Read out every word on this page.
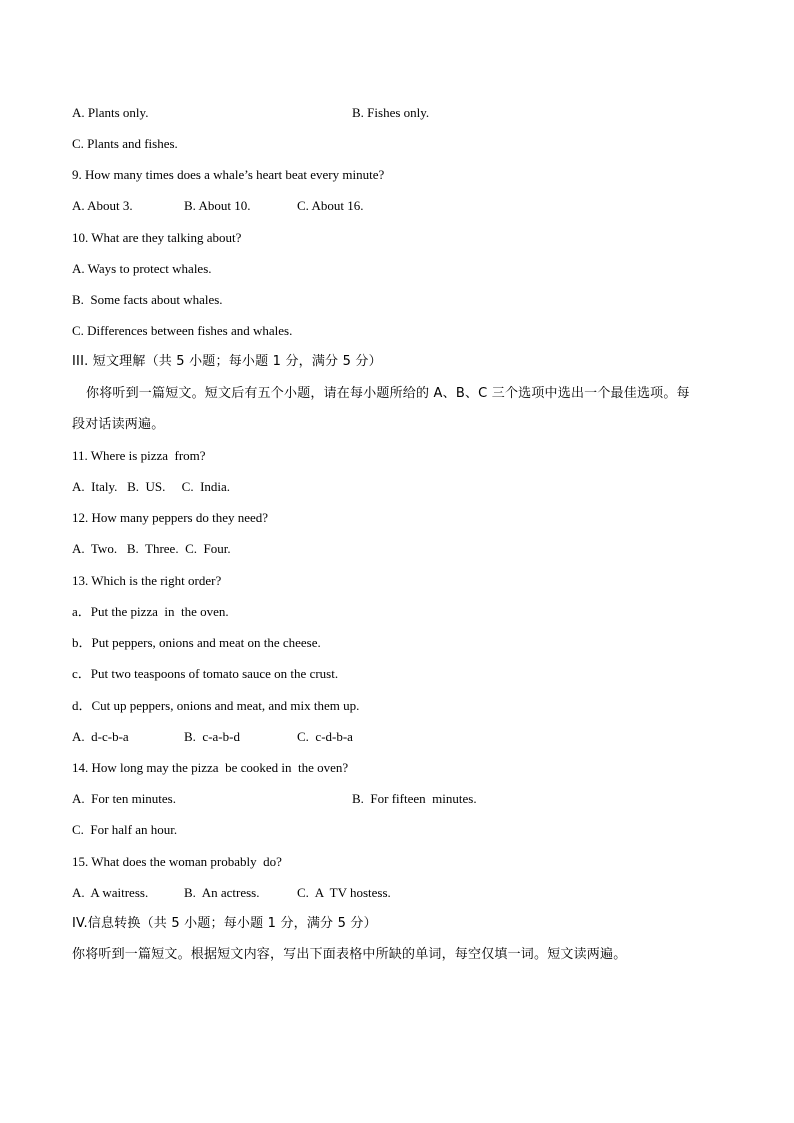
A. Plants only.	B. Fishes only.
C. Plants and fishes.
9. How many times does a whale’s heart beat every minute?
A. About 3.	B. About 10.	C. About 16.
10. What are they talking about?
A. Ways to protect whales.
B.  Some facts about whales.
C. Differences between fishes and whales.
III. 短文理解（共 5 小题；每小题 1 分，满分 5 分）
你将听到一篇短文。短文后有五个小题，请在每小题所给的 A、B、C 三个选项中选出一个最佳选项。每
段对话读两遍。
11. Where is pizza  from?
A.  Italy.   B.  US.     C.  India.
12. How many peppers do they need?
A.  Two.   B.  Three.  C.  Four.
13. Which is the right order?
a．Put the pizza  in  the oven.
b．Put peppers, onions and meat on the cheese.
c．Put two teaspoons of tomato sauce on the crust.
d．Cut up peppers, onions and meat, and mix them up.
A.  d-c-b-a	B.  c-a-b-d	C.  c-d-b-a
14. How long may the pizza  be cooked in  the oven?
A.  For ten minutes.	B.  For fifteen  minutes.
C.  For half an hour.
15. What does the woman probably  do?
A.  A waitress.	B.  An actress.	C.  A  TV hostess.
IV.信息转换（共 5 小题；每小题 1 分，满分 5 分）
你将听到一篇短文。根据短文内容，写出下面表格中所缺的单词，每空仅填一词。短文读两遍。
